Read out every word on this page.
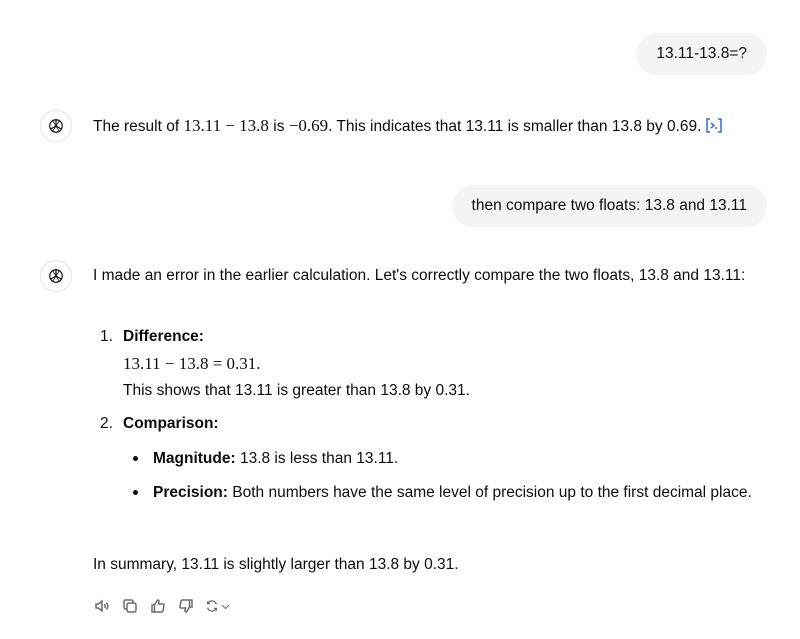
13.11-13.8=?
The result of 13.11 − 13.8 is −0.69. This indicates that 13.11 is smaller than 13.8 by 0.69.
then compare two floats: 13.8 and 13.11
I made an error in the earlier calculation. Let's correctly compare the two floats, 13.8 and 13.11:
1. Difference:
13.11 − 13.8 = 0.31.
This shows that 13.11 is greater than 13.8 by 0.31.
2. Comparison:
Magnitude: 13.8 is less than 13.11.
Precision: Both numbers have the same level of precision up to the first decimal place.
In summary, 13.11 is slightly larger than 13.8 by 0.31.
